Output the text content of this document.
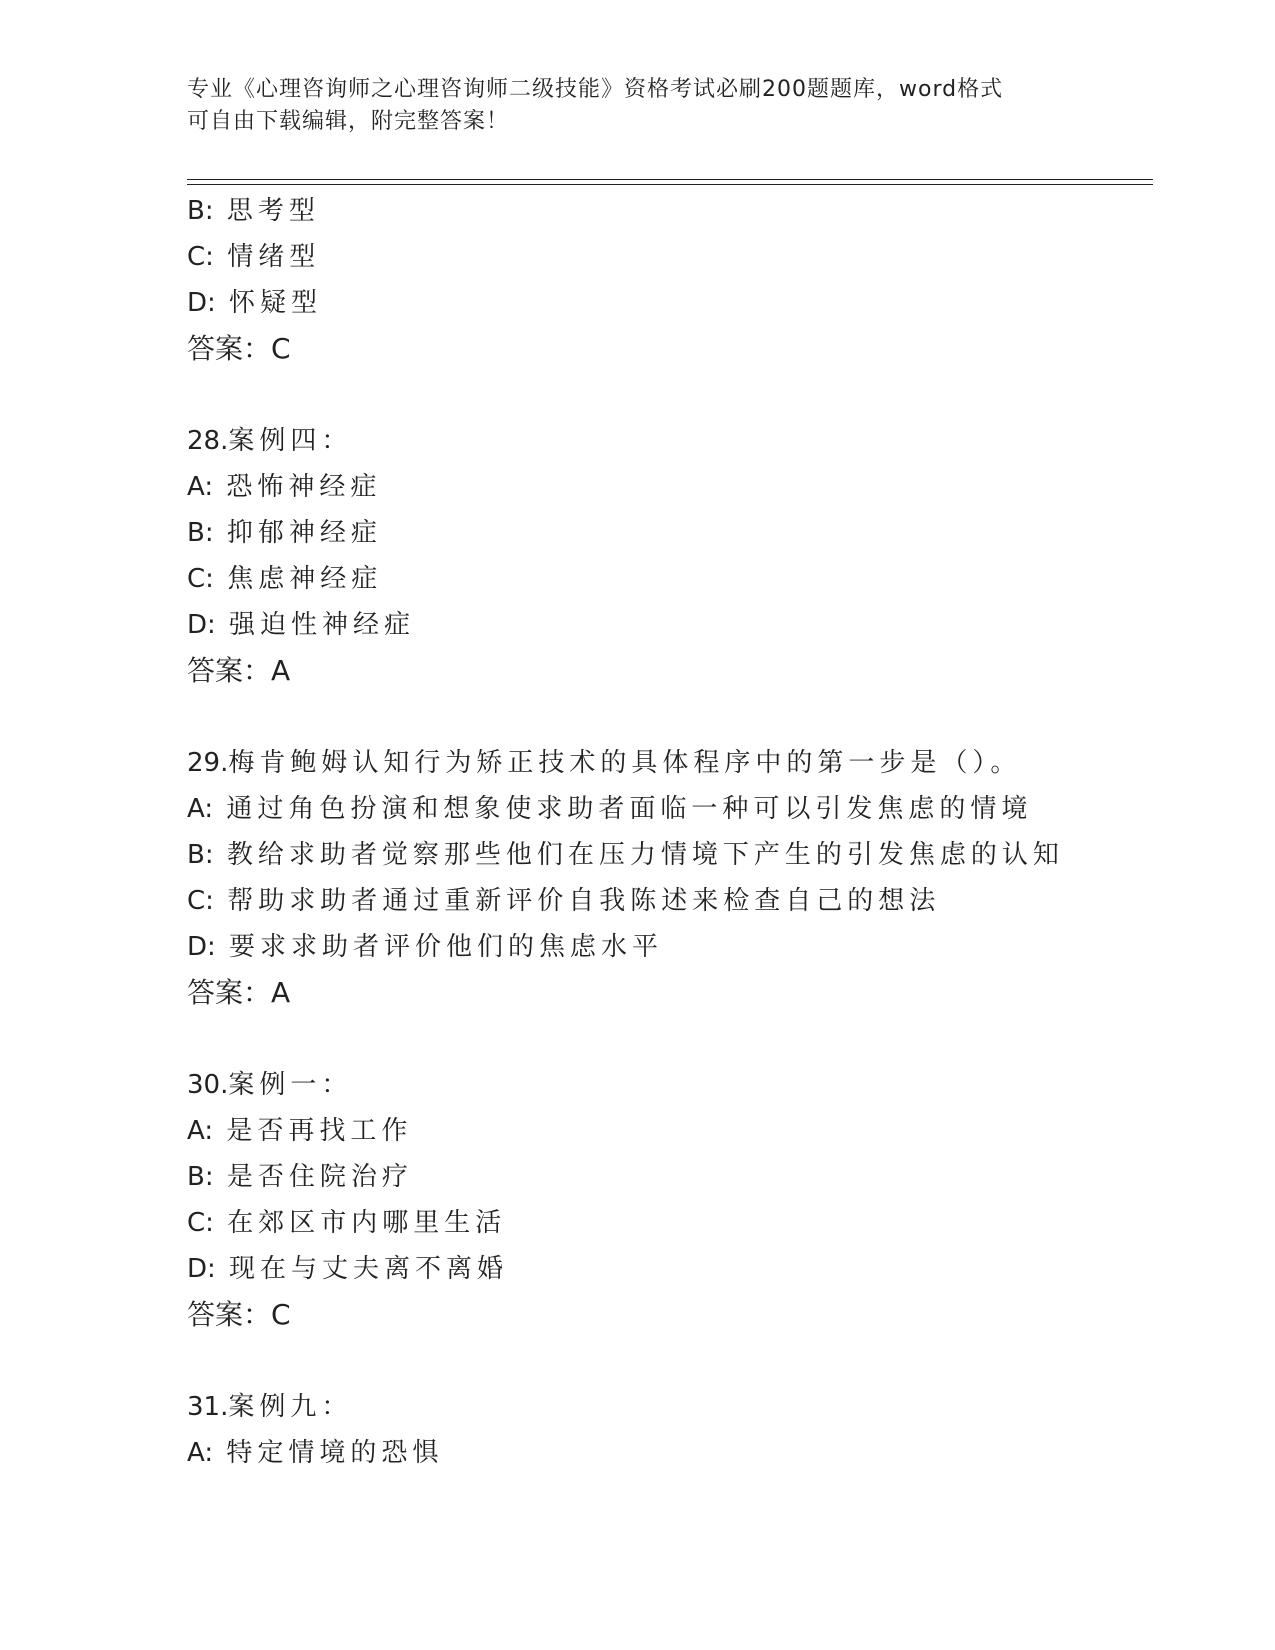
专业《心理咨询师之心理咨询师二级技能》资格考试必刷200题题库，word格式
可自由下载编辑，附完整答案！
B: 思考型
C: 情绪型
D: 怀疑型
答案：C
28.案例四：
A: 恐怖神经症
B: 抑郁神经症
C: 焦虑神经症
D: 强迫性神经症
答案：A
29.梅肯鲍姆认知行为矫正技术的具体程序中的第一步是（）。
A: 通过角色扮演和想象使求助者面临一种可以引发焦虑的情境
B: 教给求助者觉察那些他们在压力情境下产生的引发焦虑的认知
C: 帮助求助者通过重新评价自我陈述来检查自己的想法
D: 要求求助者评价他们的焦虑水平
答案：A
30.案例一：
A: 是否再找工作
B: 是否住院治疗
C: 在郊区市内哪里生活
D: 现在与丈夫离不离婚
答案：C
31.案例九：
A: 特定情境的恐惧
